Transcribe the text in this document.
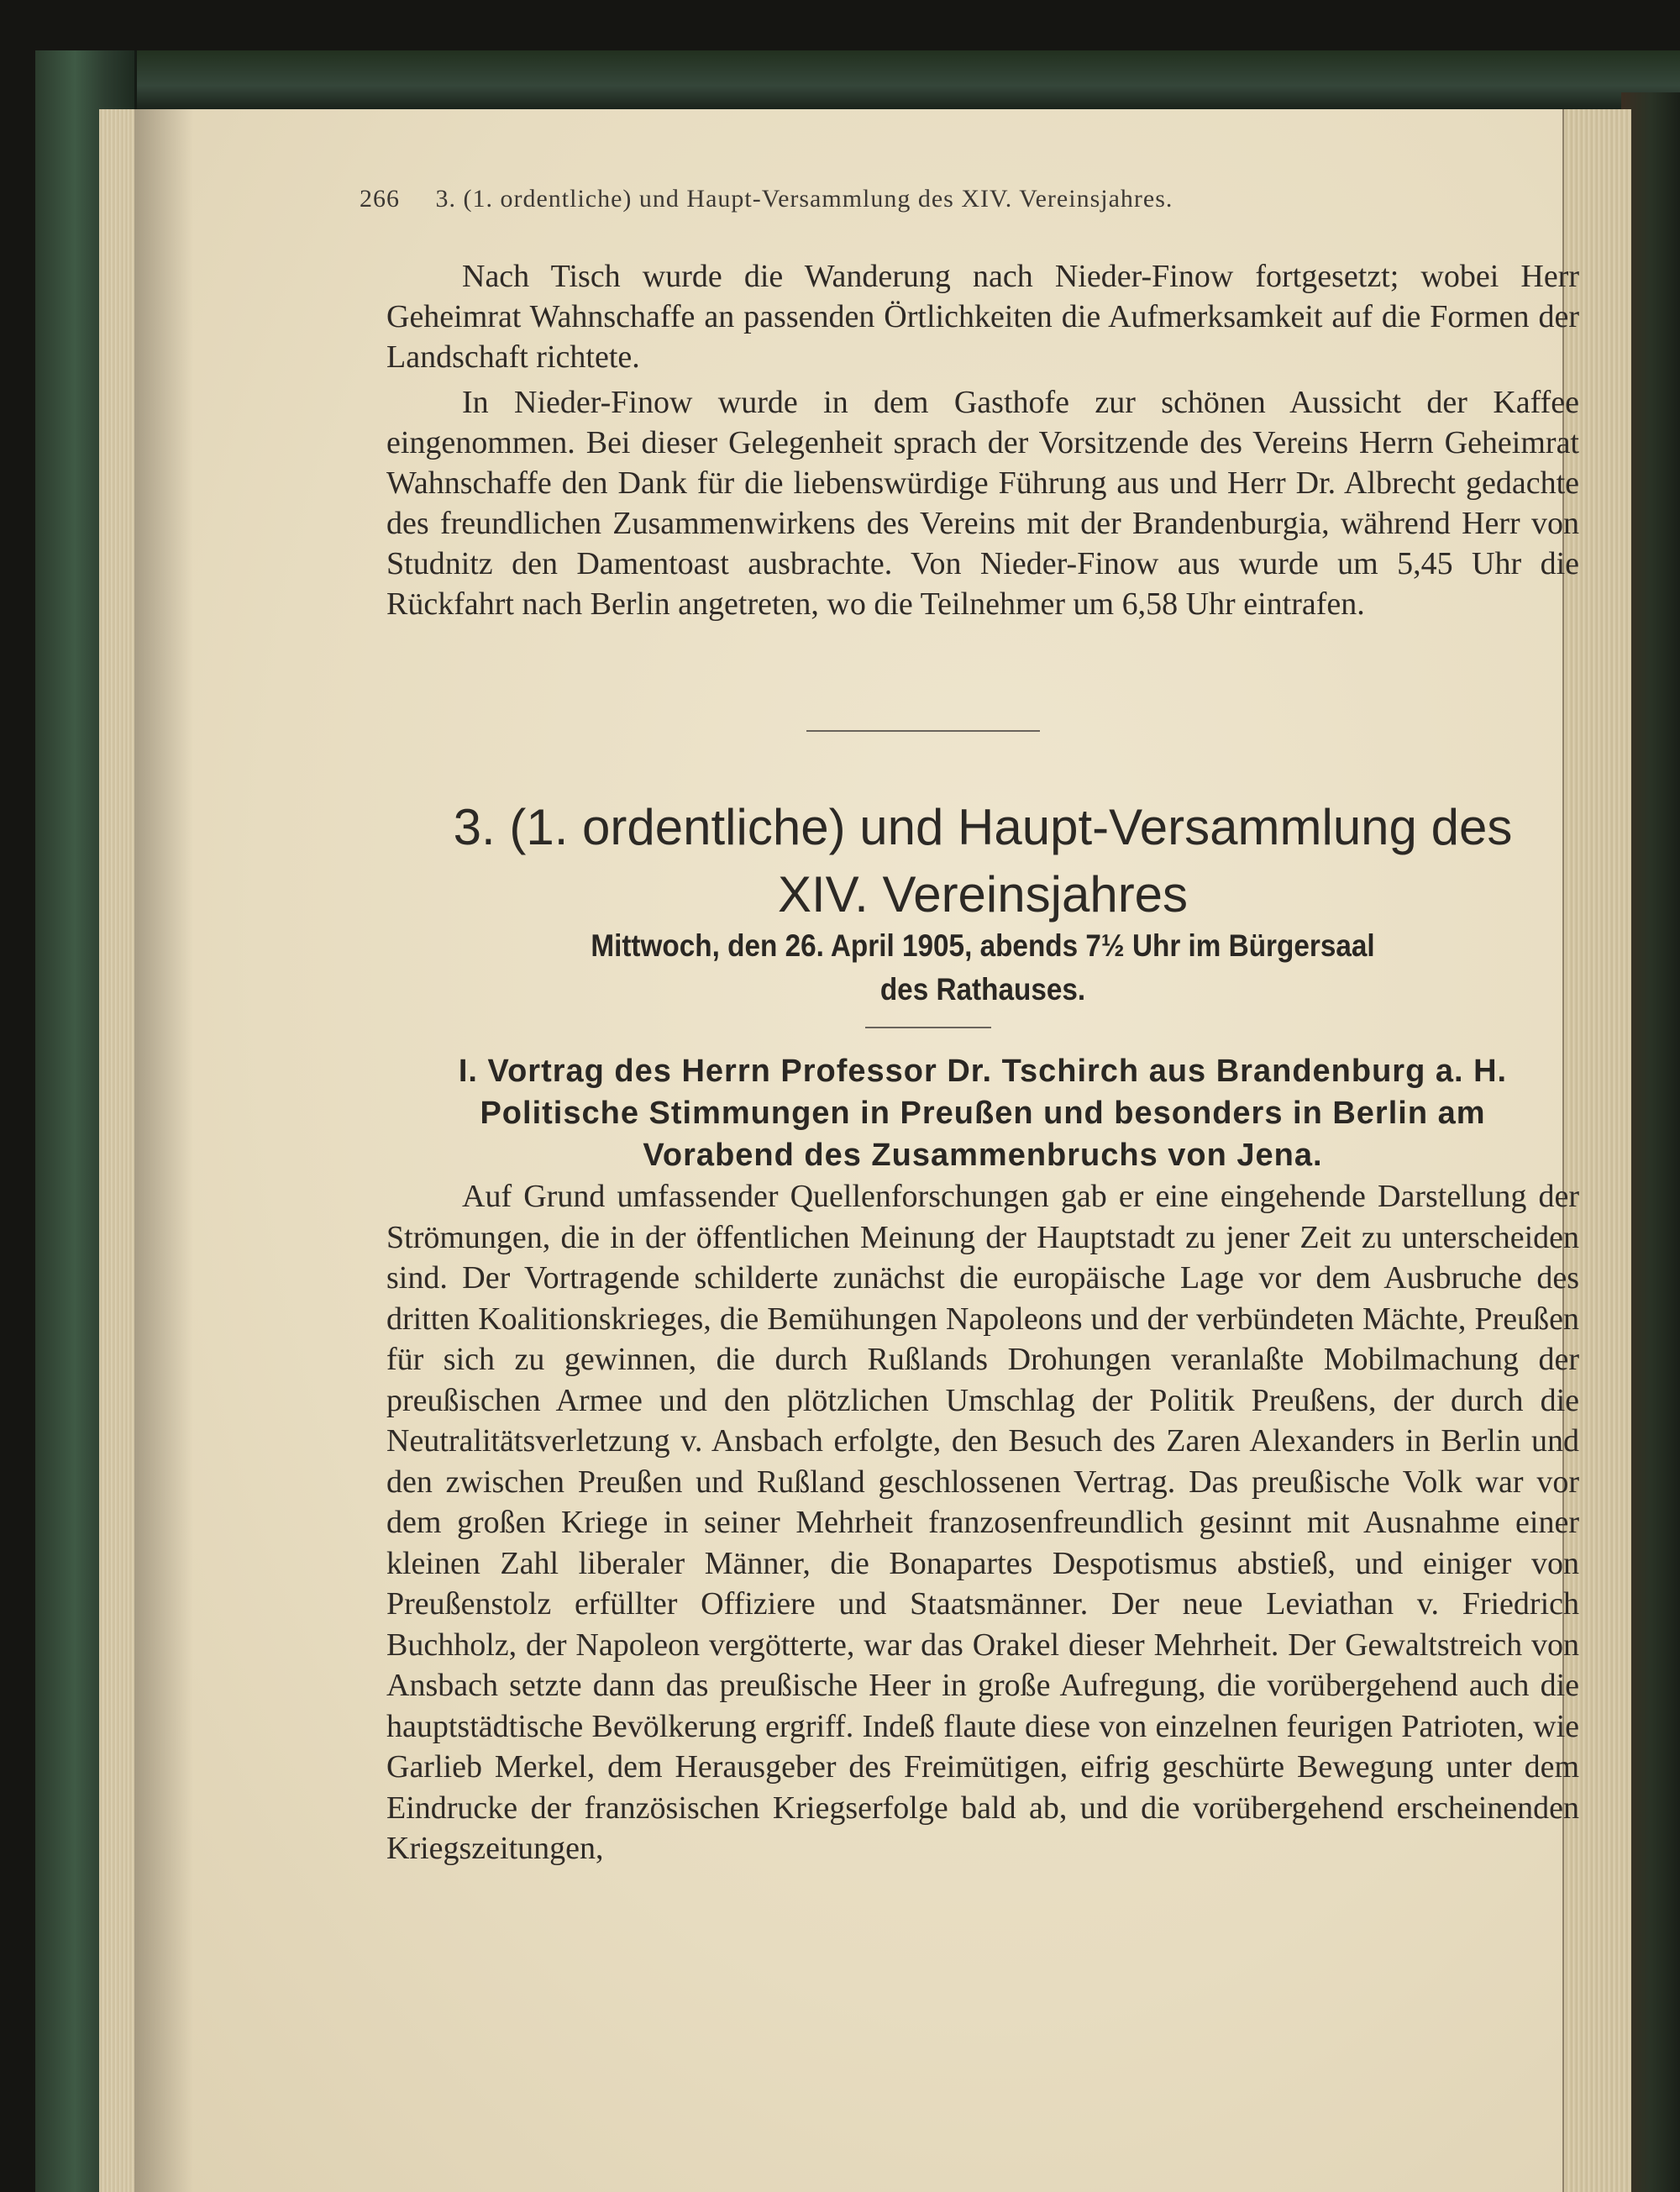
266 3. (1. ordentliche) und Haupt-Versammlung des XIV. Vereinsjahres.
Nach Tisch wurde die Wanderung nach Nieder-Finow fortgesetzt; wobei Herr Geheimrat Wahnschaffe an passenden Örtlichkeiten die Aufmerksamkeit auf die Formen der Landschaft richtete.
In Nieder-Finow wurde in dem Gasthofe zur schönen Aussicht der Kaffee eingenommen. Bei dieser Gelegenheit sprach der Vorsitzende des Vereins Herrn Geheimrat Wahnschaffe den Dank für die liebenswürdige Führung aus und Herr Dr. Albrecht gedachte des freundlichen Zusammenwirkens des Vereins mit der Brandenburgia, während Herr von Studnitz den Damentoast ausbrachte. Von Nieder-Finow aus wurde um 5,45 Uhr die Rückfahrt nach Berlin angetreten, wo die Teilnehmer um 6,58 Uhr eintrafen.
3. (1. ordentliche) und Haupt-Versammlung des
XIV. Vereinsjahres
Mittwoch, den 26. April 1905, abends 7½ Uhr im Bürgersaal
des Rathauses.
I. Vortrag des Herrn Professor Dr. Tschirch aus Brandenburg a. H.
Politische Stimmungen in Preußen und besonders in Berlin am
Vorabend des Zusammenbruchs von Jena.
Auf Grund umfassender Quellenforschungen gab er eine eingehende Darstellung der Strömungen, die in der öffentlichen Meinung der Hauptstadt zu jener Zeit zu unterscheiden sind. Der Vortragende schilderte zunächst die europäische Lage vor dem Ausbruche des dritten Koalitionskrieges, die Bemühungen Napoleons und der verbündeten Mächte, Preußen für sich zu gewinnen, die durch Rußlands Drohungen veranlaßte Mobilmachung der preußischen Armee und den plötzlichen Umschlag der Politik Preußens, der durch die Neutralitätsverletzung v. Ansbach erfolgte, den Besuch des Zaren Alexanders in Berlin und den zwischen Preußen und Rußland geschlossenen Vertrag. Das preußische Volk war vor dem großen Kriege in seiner Mehrheit franzosenfreundlich gesinnt mit Ausnahme einer kleinen Zahl liberaler Männer, die Bonapartes Despotismus abstieß, und einiger von Preußenstolz erfüllter Offiziere und Staatsmänner. Der neue Leviathan v. Friedrich Buchholz, der Napoleon vergötterte, war das Orakel dieser Mehrheit. Der Gewaltstreich von Ansbach setzte dann das preußische Heer in große Aufregung, die vorübergehend auch die hauptstädtische Bevölkerung ergriff. Indeß flaute diese von einzelnen feurigen Patrioten, wie Garlieb Merkel, dem Herausgeber des Freimütigen, eifrig geschürte Bewegung unter dem Eindrucke der französischen Kriegserfolge bald ab, und die vorübergehend erscheinenden Kriegszeitungen,
